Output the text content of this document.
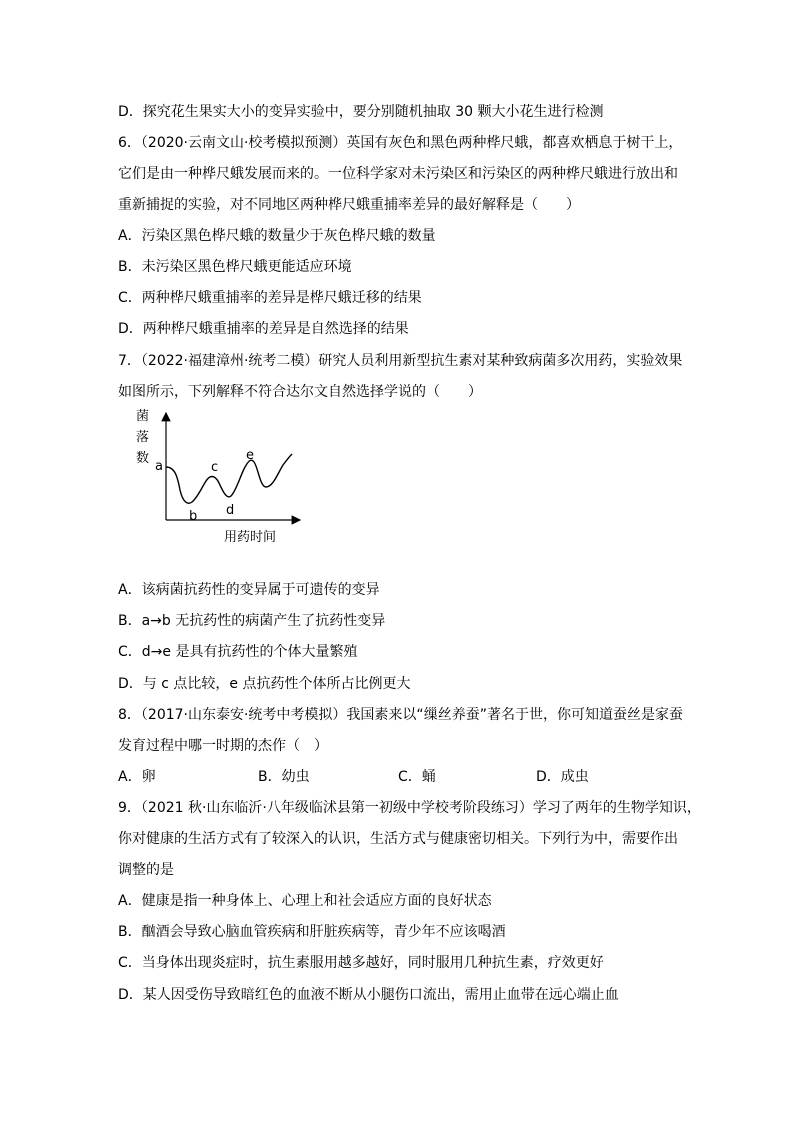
D．探究花生果实大小的变异实验中，要分别随机抽取 30 颗大小花生进行检测
6．（2020·云南文山·校考模拟预测）英国有灰色和黑色两种桦尺蛾，都喜欢栖息于树干上，
它们是由一种桦尺蛾发展而来的。一位科学家对未污染区和污染区的两种桦尺蛾进行放出和
重新捕捉的实验，对不同地区两种桦尺蛾重捕率差异的最好解释是（　　）
A．污染区黑色桦尺蛾的数量少于灰色桦尺蛾的数量
B．未污染区黑色桦尺蛾更能适应环境
C．两种桦尺蛾重捕率的差异是桦尺蛾迁移的结果
D．两种桦尺蛾重捕率的差异是自然选择的结果
7．（2022·福建漳州·统考二模）研究人员利用新型抗生素对某种致病菌多次用药，实验效果
如图所示，下列解释不符合达尔文自然选择学说的（　　）
菌
落
数
a
b
c
d
e
用药时间
A．该病菌抗药性的变异属于可遗传的变异
B．a→b 无抗药性的病菌产生了抗药性变异
C．d→e 是具有抗药性的个体大量繁殖
D．与 c 点比较，e 点抗药性个体所占比例更大
8．（2017·山东泰安·统考中考模拟）我国素来以“缫丝养蚕”著名于世，你可知道蚕丝是家蚕
发育过程中哪一时期的杰作（　）
A．卵	B．幼虫	C．蛹	D．成虫
9．（2021 秋·山东临沂·八年级临沭县第一初级中学校考阶段练习）学习了两年的生物学知识，
你对健康的生活方式有了较深入的认识，生活方式与健康密切相关。下列行为中，需要作出
调整的是
A．健康是指一种身体上、心理上和社会适应方面的良好状态
B．酗酒会导致心脑血管疾病和肝脏疾病等，青少年不应该喝酒
C．当身体出现炎症时，抗生素服用越多越好，同时服用几种抗生素，疗效更好
D．某人因受伤导致暗红色的血液不断从小腿伤口流出，需用止血带在远心端止血
